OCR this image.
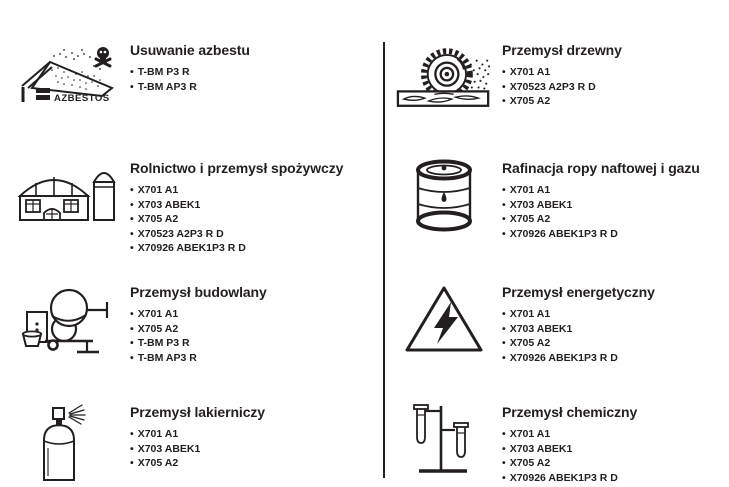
AZBESTOS
Usuwanie azbestu
• T-BM P3 R
• T-BM AP3 R
Rolnictwo i przemysł spożywczy
• X701 A1
• X703 ABEK1
• X705 A2
• X70523 A2P3 R D
• X70926 ABEK1P3 R D
Przemysł budowlany
• X701 A1
• X705 A2
• T-BM P3 R
• T-BM AP3 R
Przemysł lakierniczy
• X701 A1
• X703 ABEK1
• X705 A2
Przemysł drzewny
• X701 A1
• X70523 A2P3 R D
• X705 A2
Rafinacja ropy naftowej i gazu
• X701 A1
• X703 ABEK1
• X705 A2
• X70926 ABEK1P3 R D
Przemysł energetyczny
• X701 A1
• X703 ABEK1
• X705 A2
• X70926 ABEK1P3 R D
Przemysł chemiczny
• X701 A1
• X703 ABEK1
• X705 A2
• X70926 ABEK1P3 R D
